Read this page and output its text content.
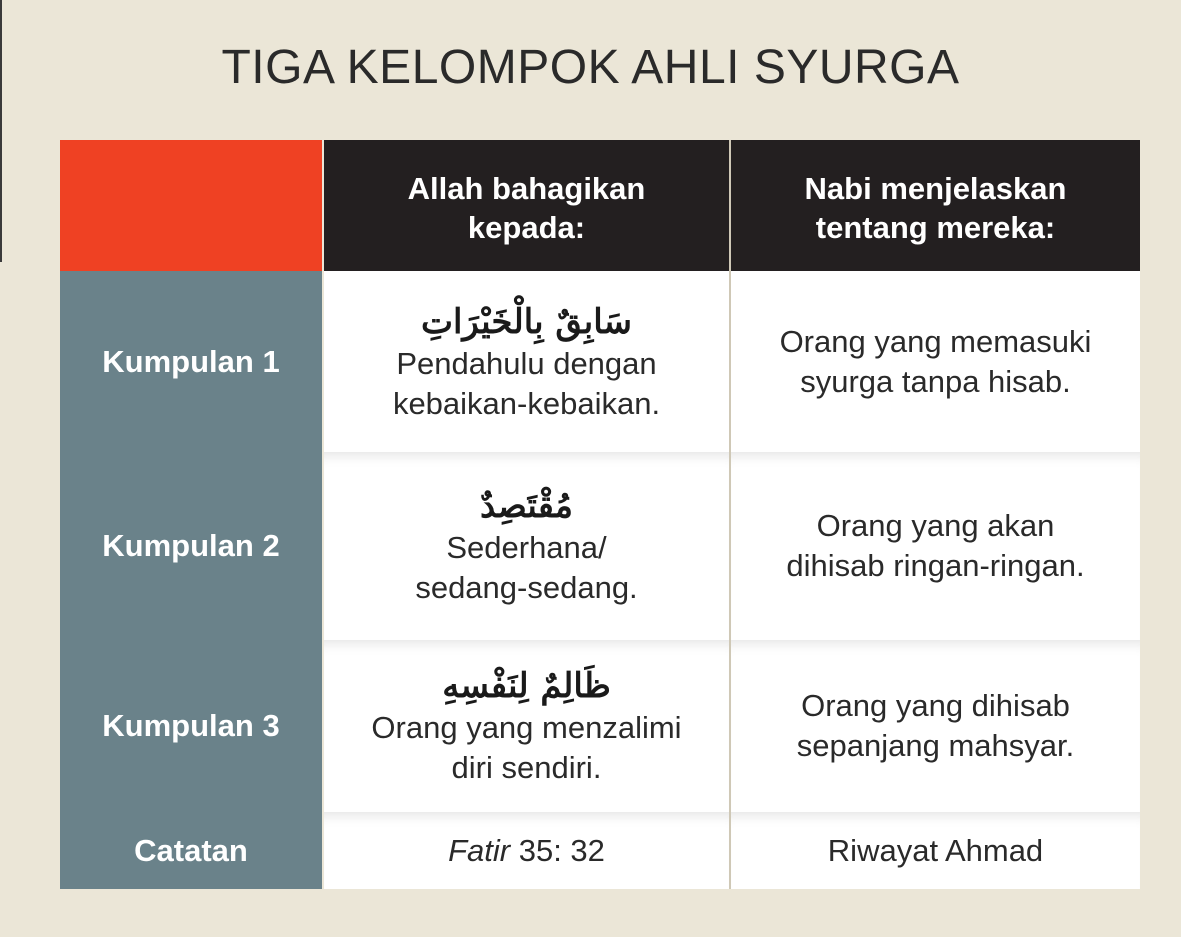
TIGA KELOMPOK AHLI SYURGA
Allah bahagikan
kepada:
Nabi menjelaskan
tentang mereka:
Kumpulan 1
سَابِقٌ بِالْخَيْرَاتِ
Pendahulu dengan
kebaikan-kebaikan.
Orang yang memasuki
syurga tanpa hisab.
Kumpulan 2
مُقْتَصِدٌ
Sederhana/
sedang-sedang.
Orang yang akan
dihisab ringan-ringan.
Kumpulan 3
ظَالِمٌ لِنَفْسِهِ
Orang yang menzalimi
diri sendiri.
Orang yang dihisab
sepanjang mahsyar.
Catatan	Fatir 35: 32	Riwayat Ahmad
